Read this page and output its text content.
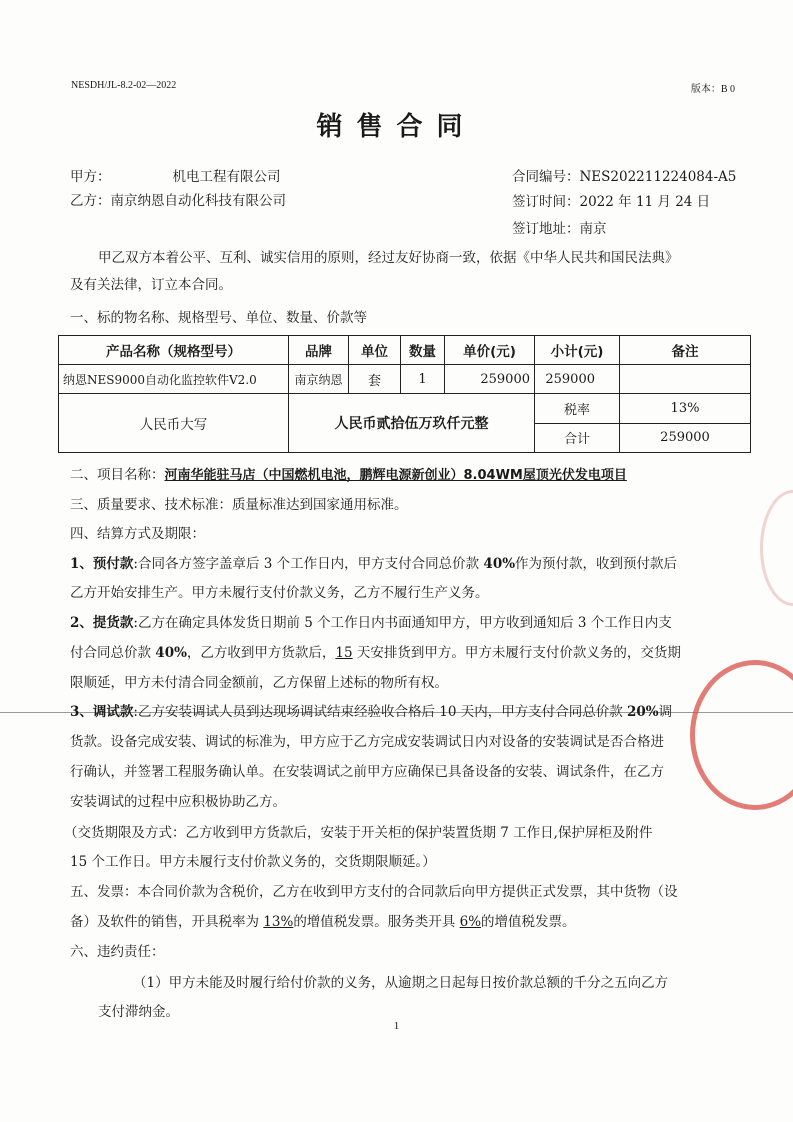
NESDH/JL-8.2-02—2022	版本：B 0
销售合同
甲方：	机电工程有限公司
乙方：南京纳恩自动化科技有限公司
合同编号：NES202211224084-A5
签订时间：2022 年 11 月 24 日
签订地址：南京
甲乙双方本着公平、互利、诚实信用的原则，经过友好协商一致，依据《中华人民共和国民法典》
及有关法律，订立本合同。
一、标的物名称、规格型号、单位、数量、价款等
产品名称（规格型号）	品牌	单位	数量	单价(元)	小计(元)	备注
纳恩NES9000自动化监控软件V2.0	南京纳恩	套	1	259000	259000	
人民币大写	人民币贰拾伍万玖仟元整				税率	13%
					合计	259000
二、项目名称：河南华能驻马店（中国燃机电池，鹏辉电源新创业）8.04WM屋顶光伏发电项目
三、质量要求、技术标准：质量标准达到国家通用标准。
四、结算方式及期限：
1、预付款:合同各方签字盖章后 3 个工作日内，甲方支付合同总价款 40%作为预付款，收到预付款后
乙方开始安排生产。甲方未履行支付价款义务，乙方不履行生产义务。
2、提货款:乙方在确定具体发货日期前 5 个工作日内书面通知甲方，甲方收到通知后 3 个工作日内支
付合同总价款 40%，乙方收到甲方货款后，15 天安排货到甲方。甲方未履行支付价款义务的，交货期
限顺延，甲方未付清合同金额前，乙方保留上述标的物所有权。
3、调试款:乙方安装调试人员到达现场调试结束经验收合格后 10 天内，甲方支付合同总价款 20%调
货款。设备完成安装、调试的标准为，甲方应于乙方完成安装调试日内对设备的安装调试是否合格进
行确认，并签署工程服务确认单。在安装调试之前甲方应确保已具备设备的安装、调试条件，在乙方
安装调试的过程中应积极协助乙方。
（交货期限及方式：乙方收到甲方货款后，安装于开关柜的保护装置货期 7 工作日,保护屏柜及附件
15 个工作日。甲方未履行支付价款义务的，交货期限顺延。）
五、发票：本合同价款为含税价，乙方在收到甲方支付的合同款后向甲方提供正式发票，其中货物（设
备）及软件的销售，开具税率为 13%的增值税发票。服务类开具 6%的增值税发票。
六、违约责任：
（1）甲方未能及时履行给付价款的义务，从逾期之日起每日按价款总额的千分之五向乙方
支付滞纳金。
1
